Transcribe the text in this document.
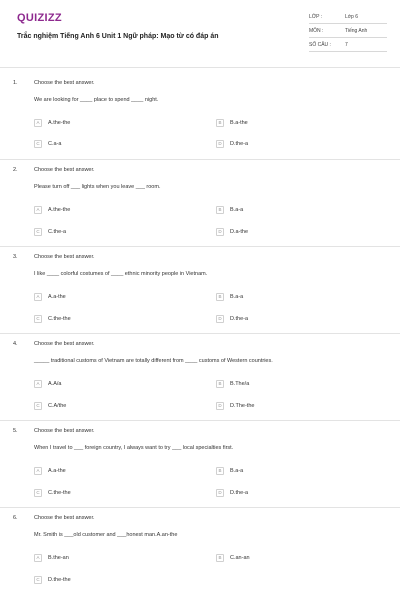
QUIZIZZ
Trắc nghiệm Tiếng Anh 6 Unit 1 Ngữ pháp: Mạo từ có đáp án
LỚP :	Lớp 6
MÔN :	Tiếng Anh
SỐ CÂU :	7
1.	Choose the best answer.
We are looking for ____ place to spend ____ night.
A	A.the-the	B	B.a-the
C	C.a-a	D	D.the-a
2.	Choose the best answer.
Please turn off ___ lights when you leave ___ room.
A	A.the-the	B	B.a-a
C	C.the-a	D	D.a-the
3.	Choose the best answer.
I like ____ colorful costumes of ____ ethnic minority people in Vietnam.
A	A.a-the	B	B.a-a
C	C.the-the	D	D.the-a
4.	Choose the best answer.
_____ traditional customs of Vietnam are totally different from ____ customs of Western countries.
A	A.A/a	B	B.The/a
C	C.A/the	D	D.The-the
5.	Choose the best answer.
When I travel to ___ foreign country, I always want to try ___ local specialties first.
A	A.a-the	B	B.a-a
C	C.the-the	D	D.the-a
6.	Choose the best answer.
Mr. Smith is ___old customer and ___honest man.A.an-the
A	B.the-an	B	C.an-an
C	D.the-the
